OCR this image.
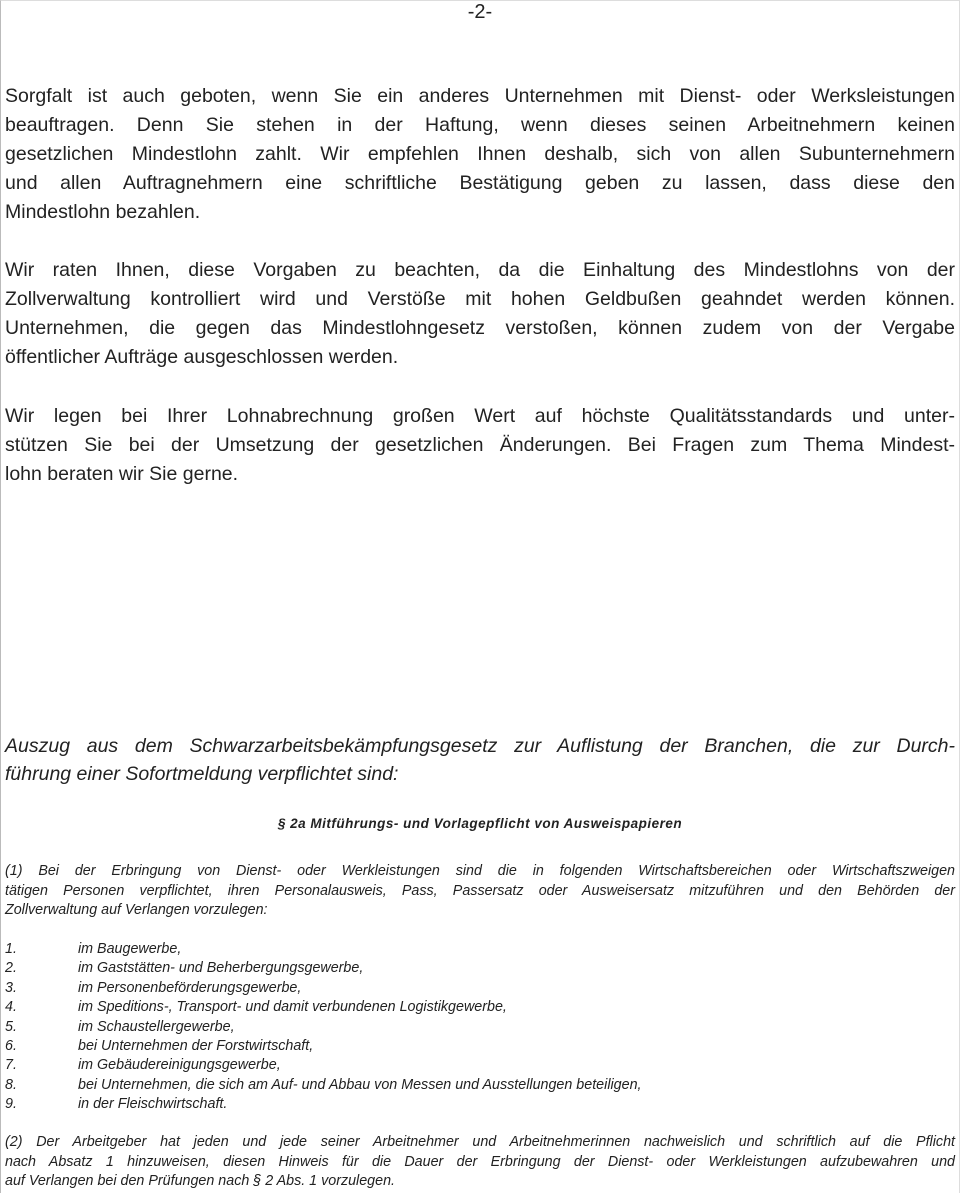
-2-
Sorgfalt ist auch geboten, wenn Sie ein anderes Unternehmen mit Dienst- oder Werksleistungen
beauftragen. Denn Sie stehen in der Haftung, wenn dieses seinen Arbeitnehmern keinen
gesetzlichen Mindestlohn zahlt. Wir empfehlen Ihnen deshalb, sich von allen Subunternehmern
und allen Auftragnehmern eine schriftliche Bestätigung geben zu lassen, dass diese den
Mindestlohn bezahlen.
Wir raten Ihnen, diese Vorgaben zu beachten, da die Einhaltung des Mindestlohns von der
Zollverwaltung kontrolliert wird und Verstöße mit hohen Geldbußen geahndet werden können.
Unternehmen, die gegen das Mindestlohngesetz verstoßen, können zudem von der Vergabe
öffentlicher Aufträge ausgeschlossen werden.
Wir legen bei Ihrer Lohnabrechnung großen Wert auf höchste Qualitätsstandards und unter-
stützen Sie bei der Umsetzung der gesetzlichen Änderungen. Bei Fragen zum Thema Mindest-
lohn beraten wir Sie gerne.
Auszug aus dem Schwarzarbeitsbekämpfungsgesetz zur Auflistung der Branchen, die zur Durch-
führung einer Sofortmeldung verpflichtet sind:
§ 2a Mitführungs- und Vorlagepflicht von Ausweispapieren
(1) Bei der Erbringung von Dienst- oder Werkleistungen sind die in folgenden Wirtschaftsbereichen oder Wirtschaftszweigen
tätigen Personen verpflichtet, ihren Personalausweis, Pass, Passersatz oder Ausweisersatz mitzuführen und den Behörden der
Zollverwaltung auf Verlangen vorzulegen:
1.	im Baugewerbe,
2.	im Gaststätten- und Beherbergungsgewerbe,
3.	im Personenbeförderungsgewerbe,
4.	im Speditions-, Transport- und damit verbundenen Logistikgewerbe,
5.	im Schaustellergewerbe,
6.	bei Unternehmen der Forstwirtschaft,
7.	im Gebäudereinigungsgewerbe,
8.	bei Unternehmen, die sich am Auf- und Abbau von Messen und Ausstellungen beteiligen,
9.	in der Fleischwirtschaft.
(2) Der Arbeitgeber hat jeden und jede seiner Arbeitnehmer und Arbeitnehmerinnen nachweislich und schriftlich auf die Pflicht
nach Absatz 1 hinzuweisen, diesen Hinweis für die Dauer der Erbringung der Dienst- oder Werkleistungen aufzubewahren und
auf Verlangen bei den Prüfungen nach § 2 Abs. 1 vorzulegen.
